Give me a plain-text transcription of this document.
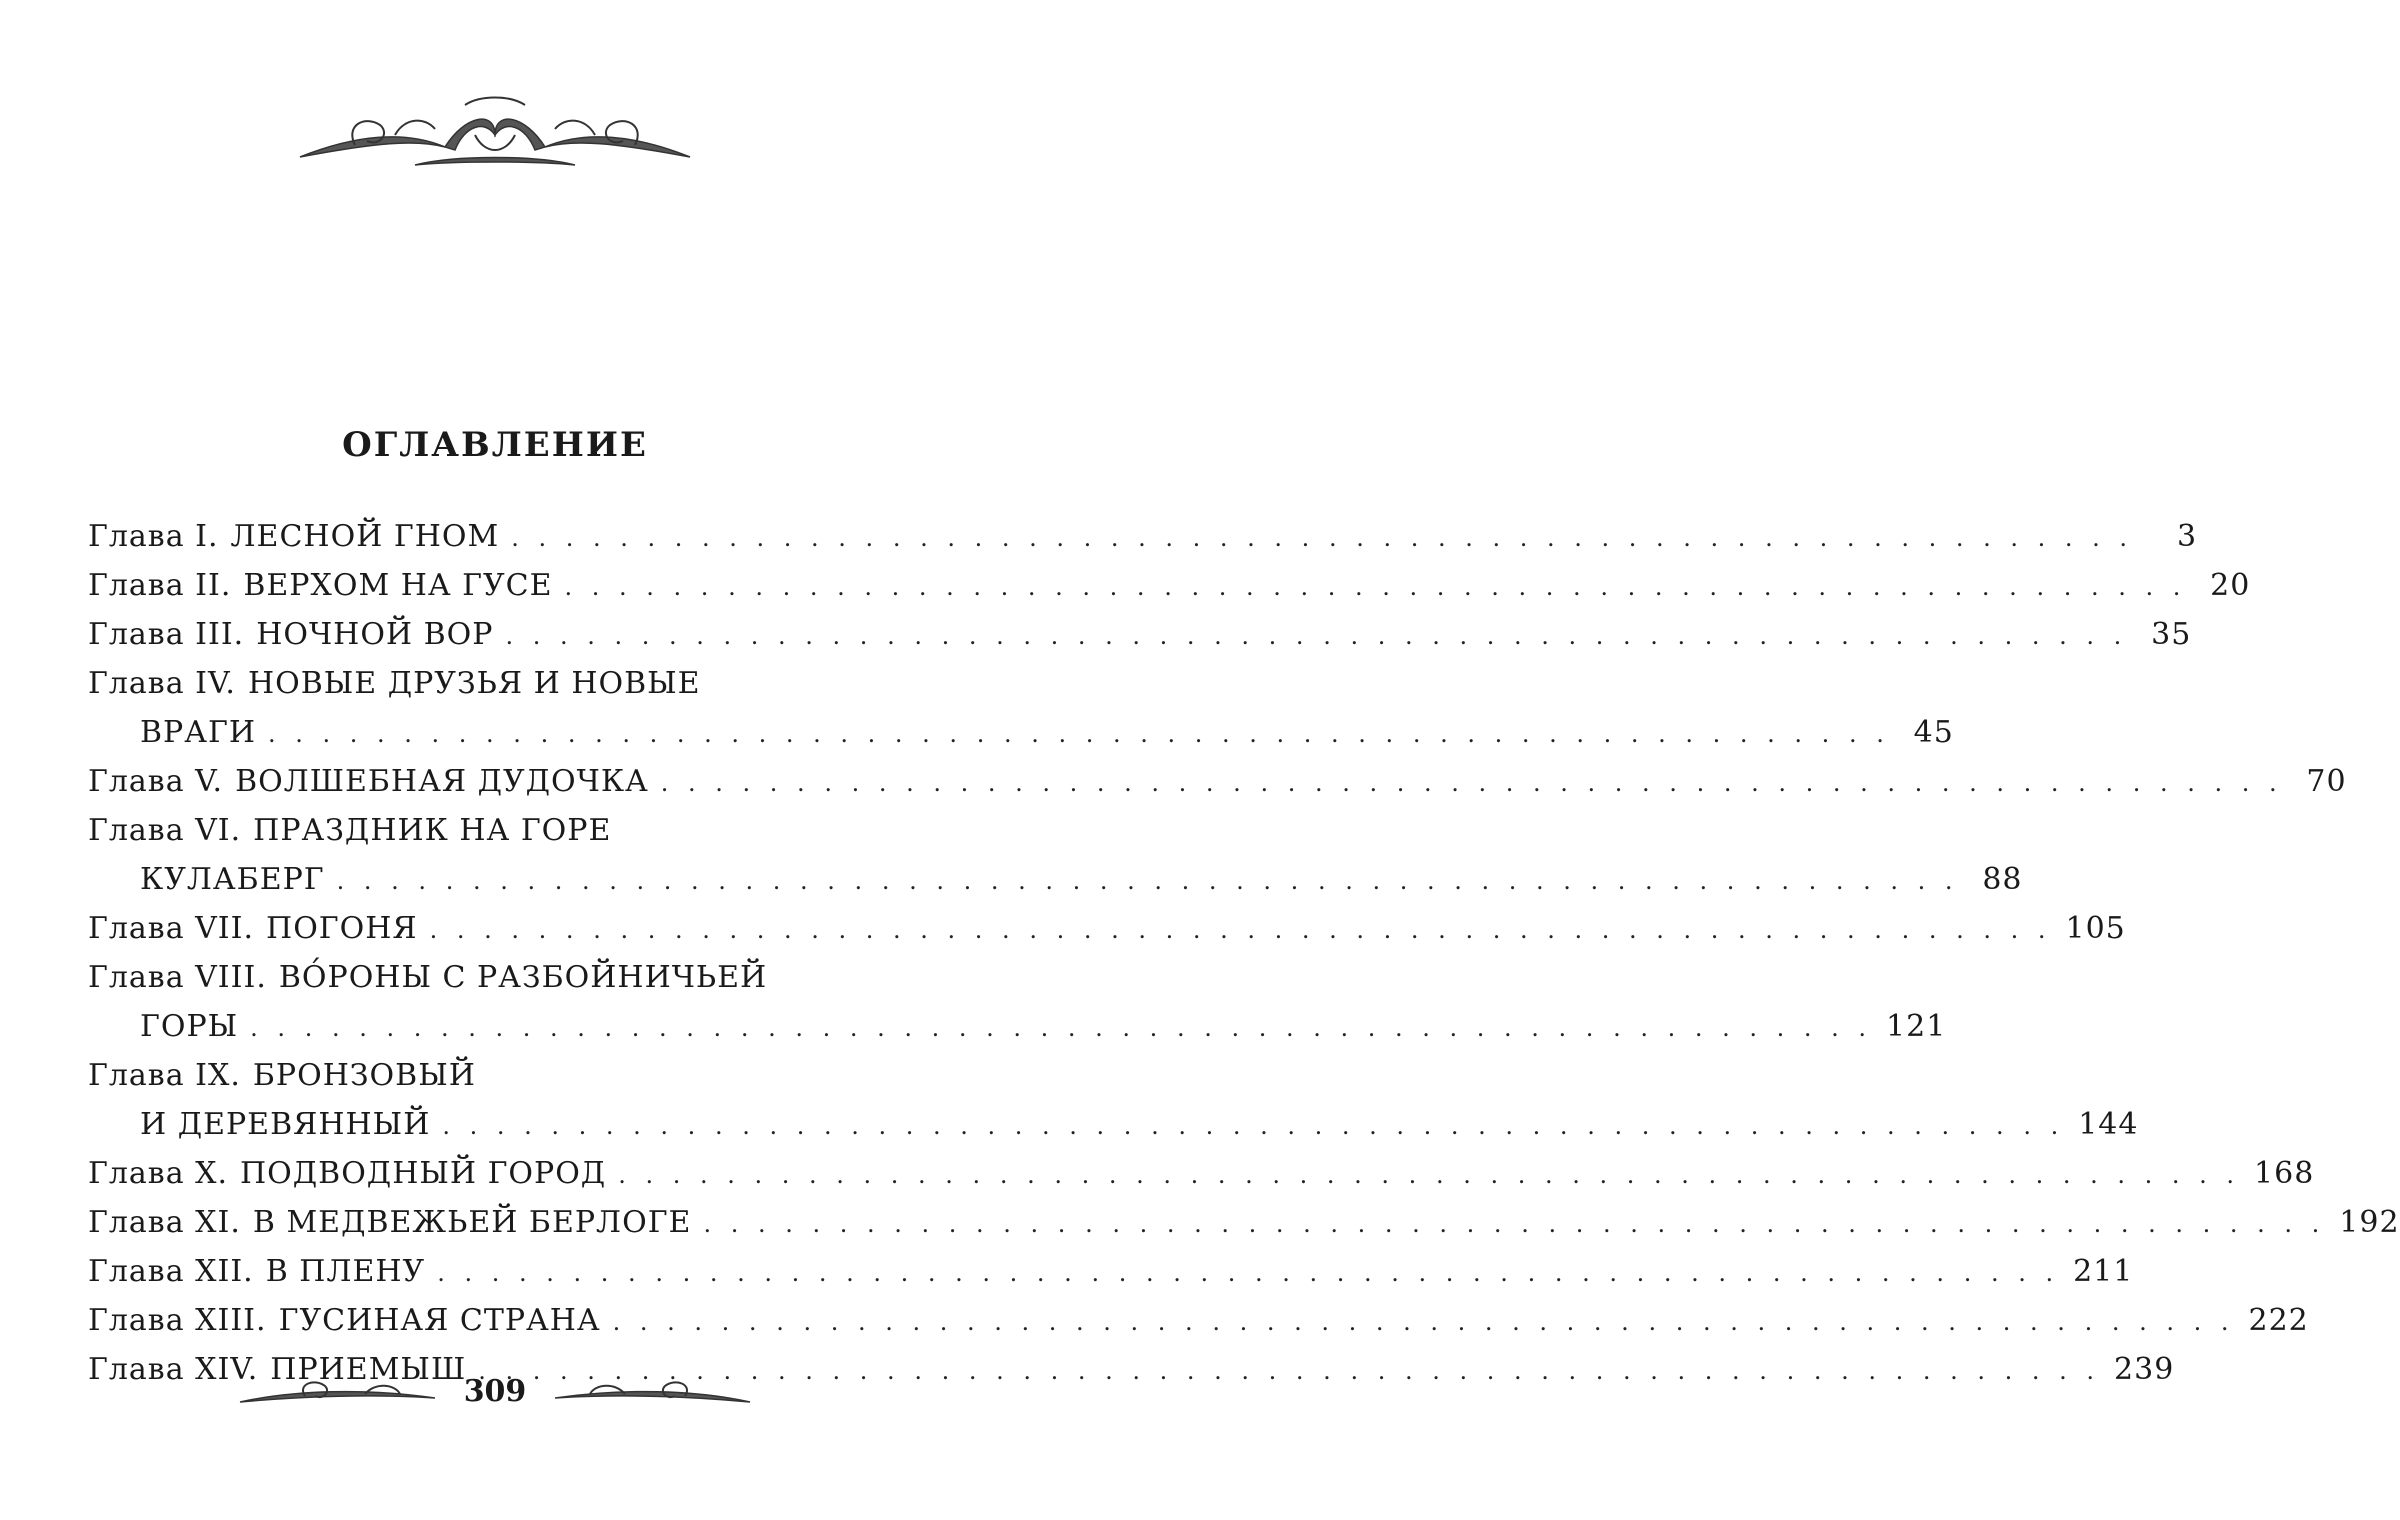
ОГЛАВЛЕНИЕ
Глава I. ЛЕСНОЙ ГНОМ . . . . . . . . . . . . . . . . . . . . . . . . . . . . . . . . . . . . . . . . . . . . . . . . . . . . . . . . . . . .	3
Глава II. ВЕРХОМ НА ГУСЕ . . . . . . . . . . . . . . . . . . . . . . . . . . . . . . . . . . . . . . . . . . . . . . . . . . . . . . . . . . . . 20
Глава III. НОЧНОЙ ВОР . . . . . . . . . . . . . . . . . . . . . . . . . . . . . . . . . . . . . . . . . . . . . . . . . . . . . . . . . . . . 35
Глава IV. НОВЫЕ ДРУЗЬЯ И НОВЫЕ
ВРАГИ . . . . . . . . . . . . . . . . . . . . . . . . . . . . . . . . . . . . . . . . . . . . . . . . . . . . . . . . . . . . 45
Глава V. ВОЛШЕБНАЯ ДУДОЧКА . . . . . . . . . . . . . . . . . . . . . . . . . . . . . . . . . . . . . . . . . . . . . . . . . . . . . . . . . . . . 70
Глава VI. ПРАЗДНИК НА ГОРЕ
КУЛАБЕРГ . . . . . . . . . . . . . . . . . . . . . . . . . . . . . . . . . . . . . . . . . . . . . . . . . . . . . . . . . . . . 88
Глава VII. ПОГОНЯ . . . . . . . . . . . . . . . . . . . . . . . . . . . . . . . . . . . . . . . . . . . . . . . . . . . . . . . . . . . . 105
Глава VIII. ВО́РОНЫ С РАЗБОЙНИЧЬЕЙ
ГОРЫ . . . . . . . . . . . . . . . . . . . . . . . . . . . . . . . . . . . . . . . . . . . . . . . . . . . . . . . . . . . . 121
Глава IX. БРОНЗОВЫЙ
И ДЕРЕВЯННЫЙ . . . . . . . . . . . . . . . . . . . . . . . . . . . . . . . . . . . . . . . . . . . . . . . . . . . . . . . . . . . . 144
Глава X. ПОДВОДНЫЙ ГОРОД . . . . . . . . . . . . . . . . . . . . . . . . . . . . . . . . . . . . . . . . . . . . . . . . . . . . . . . . . . . . 168
Глава XI. В МЕДВЕЖЬЕЙ БЕРЛОГЕ . . . . . . . . . . . . . . . . . . . . . . . . . . . . . . . . . . . . . . . . . . . . . . . . . . . . . . . . . . . . 192
Глава XII. В ПЛЕНУ . . . . . . . . . . . . . . . . . . . . . . . . . . . . . . . . . . . . . . . . . . . . . . . . . . . . . . . . . . . . 211
Глава XIII. ГУСИНАЯ СТРАНА . . . . . . . . . . . . . . . . . . . . . . . . . . . . . . . . . . . . . . . . . . . . . . . . . . . . . . . . . . . . 222
Глава XIV. ПРИЕМЫШ . . . . . . . . . . . . . . . . . . . . . . . . . . . . . . . . . . . . . . . . . . . . . . . . . . . . . . . . . . . . 239
309
